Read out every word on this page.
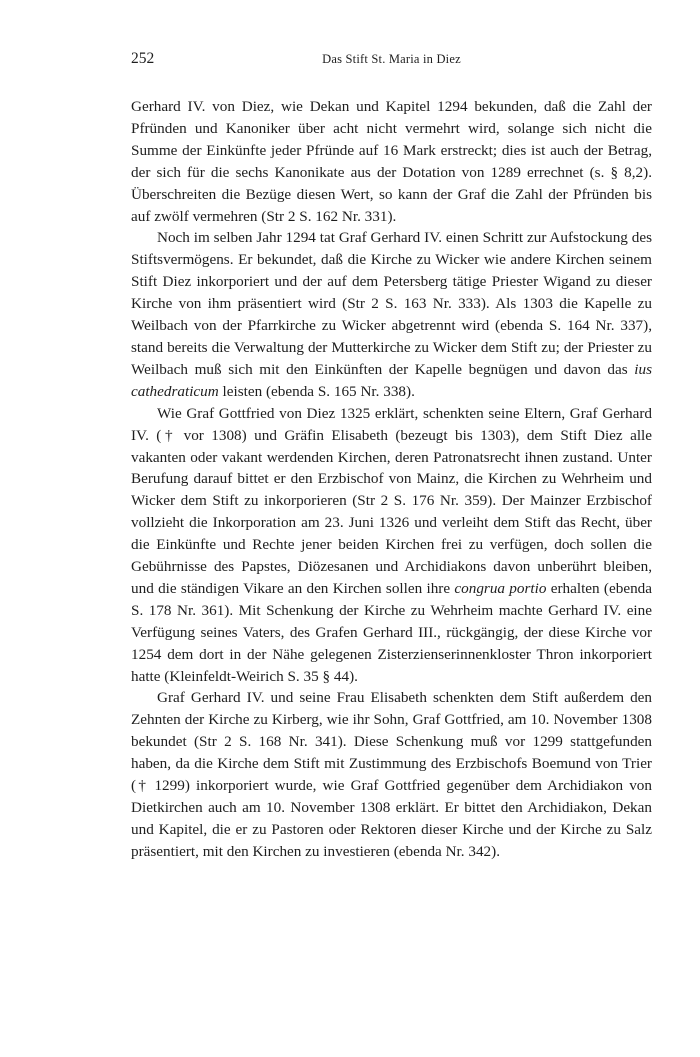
252	Das Stift St. Maria in Diez

Gerhard IV. von Diez, wie Dekan und Kapitel 1294 bekunden, daß die Zahl der Pfründen und Kanoniker über acht nicht vermehrt wird, solange sich nicht die Summe der Einkünfte jeder Pfründe auf 16 Mark erstreckt; dies ist auch der Betrag, der sich für die sechs Kanonikate aus der Dotation von 1289 errechnet (s. § 8,2). Überschreiten die Bezüge diesen Wert, so kann der Graf die Zahl der Pfründen bis auf zwölf vermehren (Str 2 S. 162 Nr. 331).

Noch im selben Jahr 1294 tat Graf Gerhard IV. einen Schritt zur Aufstockung des Stiftsvermögens. Er bekundet, daß die Kirche zu Wicker wie andere Kirchen seinem Stift Diez inkorporiert und der auf dem Petersberg tätige Priester Wigand zu dieser Kirche von ihm präsentiert wird (Str 2 S. 163 Nr. 333). Als 1303 die Kapelle zu Weilbach von der Pfarrkirche zu Wicker abgetrennt wird (ebenda S. 164 Nr. 337), stand bereits die Verwaltung der Mutterkirche zu Wicker dem Stift zu; der Priester zu Weilbach muß sich mit den Einkünften der Kapelle begnügen und davon das ius cathedraticum leisten (ebenda S. 165 Nr. 338).

Wie Graf Gottfried von Diez 1325 erklärt, schenkten seine Eltern, Graf Gerhard IV. († vor 1308) und Gräfin Elisabeth (bezeugt bis 1303), dem Stift Diez alle vakanten oder vakant werdenden Kirchen, deren Patronatsrecht ihnen zustand. Unter Berufung darauf bittet er den Erzbischof von Mainz, die Kirchen zu Wehrheim und Wicker dem Stift zu inkorporieren (Str 2 S. 176 Nr. 359). Der Mainzer Erzbischof vollzieht die Inkorporation am 23. Juni 1326 und verleiht dem Stift das Recht, über die Einkünfte und Rechte jener beiden Kirchen frei zu verfügen, doch sollen die Gebührnisse des Papstes, Diözesanen und Archidiakons davon unberührt bleiben, und die ständigen Vikare an den Kirchen sollen ihre congrua portio erhalten (ebenda S. 178 Nr. 361). Mit Schenkung der Kirche zu Wehrheim machte Gerhard IV. eine Verfügung seines Vaters, des Grafen Gerhard III., rückgängig, der diese Kirche vor 1254 dem dort in der Nähe gelegenen Zisterzienserinnenkloster Thron inkorporiert hatte (Kleinfeldt-Weirich S. 35 § 44).

Graf Gerhard IV. und seine Frau Elisabeth schenkten dem Stift außerdem den Zehnten der Kirche zu Kirberg, wie ihr Sohn, Graf Gottfried, am 10. November 1308 bekundet (Str 2 S. 168 Nr. 341). Diese Schenkung muß vor 1299 stattgefunden haben, da die Kirche dem Stift mit Zustimmung des Erzbischofs Boemund von Trier († 1299) inkorporiert wurde, wie Graf Gottfried gegenüber dem Archidiakon von Dietkirchen auch am 10. November 1308 erklärt. Er bittet den Archidiakon, Dekan und Kapitel, die er zu Pastoren oder Rektoren dieser Kirche und der Kirche zu Salz präsentiert, mit den Kirchen zu investieren (ebenda Nr. 342).
